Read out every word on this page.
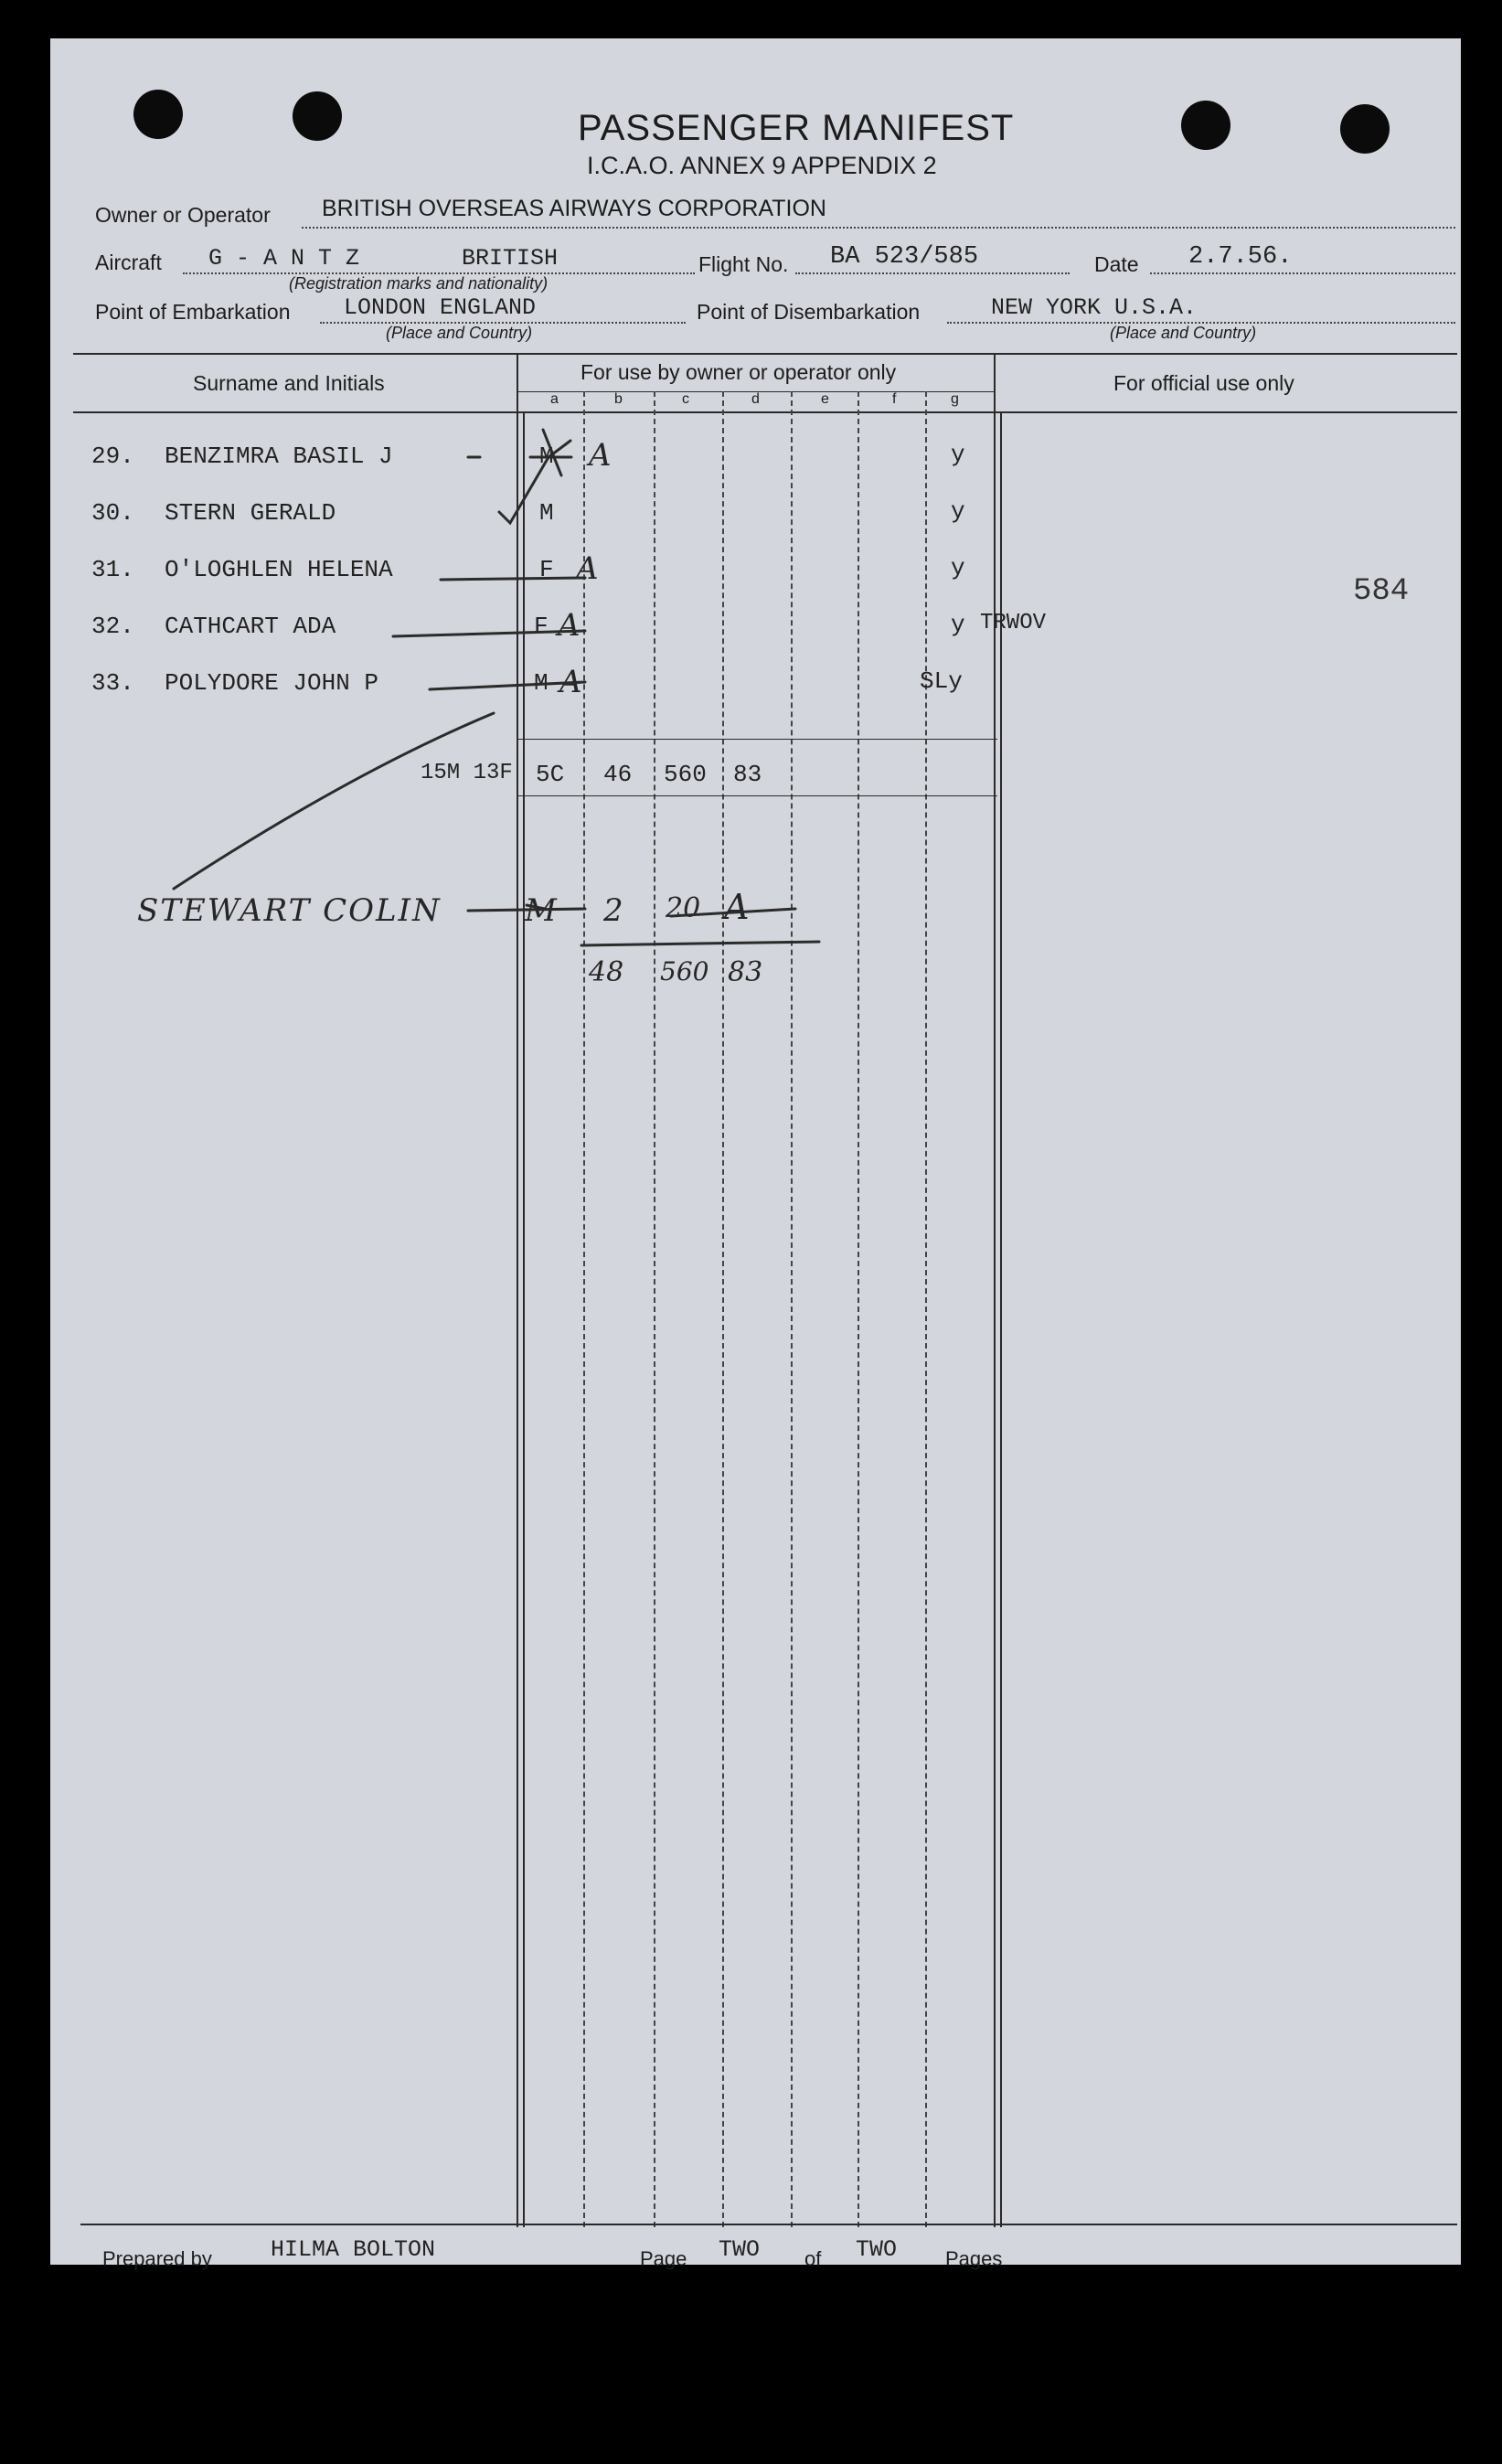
PASSENGER MANIFEST
I.C.A.O. ANNEX 9 APPENDIX 2
Owner or Operator BRITISH OVERSEAS AIRWAYS CORPORATION
Aircraft G - A N T Z	BRITISH
(Registration marks and nationality)
Flight No. BA 523/585	Date 2.7.56.
Point of Embarkation LONDON ENGLAND
(Place and Country)
Point of Disembarkation	NEW YORK U.S.A.
(Place and Country)
Surname and Initials	For use by owner or operator only	For official use only
a	b	c	d	e	f	g
29. BENZIMRA BASIL J	M A	y
30. STERN GERALD	M	y
31. O'LOGHLEN HELENA	F A	y
32. CATHCART ADA	F A	y TRWOV
33. POLYDORE JOHN P	M A	SLy
584
15M 13F 5C 46 560 83
STEWART COLIN	M 2 20 A
48 560 83
Prepared by	HILMA BOLTON	Page TWO of TWO Pages
